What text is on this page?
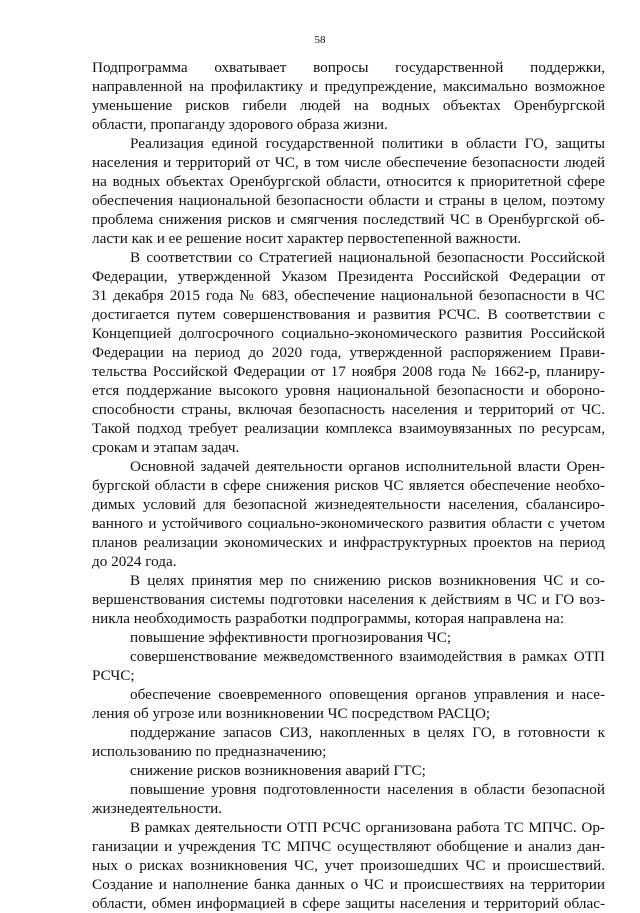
58
Подпрограмма охватывает вопросы государственной поддержки,
направленной на профилактику и предупреждение, максимально возможное
уменьшение рисков гибели людей на водных объектах Оренбургской
области, пропаганду здорового образа жизни.
Реализация единой государственной политики в области ГО, защиты
населения и территорий от ЧС, в том числе обеспечение безопасности людей
на водных объектах Оренбургской области, относится к приоритетной сфере
обеспечения национальной безопасности области и страны в целом, поэтому
проблема снижения рисков и смягчения последствий ЧС в Оренбургской об-
ласти как и ее решение носит характер первостепенной важности.
В соответствии со Стратегией национальной безопасности Российской
Федерации, утвержденной Указом Президента Российской Федерации от
31 декабря 2015 года № 683, обеспечение национальной безопасности в ЧС
достигается путем совершенствования и развития РСЧС. В соответствии с
Концепцией долгосрочного социально-экономического развития Российской
Федерации на период до 2020 года, утвержденной распоряжением Прави-
тельства Российской Федерации от 17 ноября 2008 года № 1662-р, планиру-
ется поддержание высокого уровня национальной безопасности и обороно-
способности страны, включая безопасность населения и территорий от ЧС.
Такой подход требует реализации комплекса взаимоувязанных по ресурсам,
срокам и этапам задач.
Основной задачей деятельности органов исполнительной власти Орен-
бургской области в сфере снижения рисков ЧС является обеспечение необхо-
димых условий для безопасной жизнедеятельности населения, сбалансиро-
ванного и устойчивого социально-экономического развития области с учетом
планов реализации экономических и инфраструктурных проектов на период
до 2024 года.
В целях принятия мер по снижению рисков возникновения ЧС и со-
вершенствования системы подготовки населения к действиям в ЧС и ГО воз-
никла необходимость разработки подпрограммы, которая направлена на:
повышение эффективности прогнозирования ЧС;
совершенствование межведомственного взаимодействия в рамках ОТП
РСЧС;
обеспечение своевременного оповещения органов управления и насе-
ления об угрозе или возникновении ЧС посредством РАСЦО;
поддержание запасов СИЗ, накопленных в целях ГО, в готовности к
использованию по предназначению;
снижение рисков возникновения аварий ГТС;
повышение уровня подготовленности населения в области безопасной
жизнедеятельности.
В рамках деятельности ОТП РСЧС организована работа ТС МПЧС. Ор-
ганизации и учреждения ТС МПЧС осуществляют обобщение и анализ дан-
ных о рисках возникновения ЧС, учет произошедших ЧС и происшествий.
Создание и наполнение банка данных о ЧС и происшествиях на территории
области, обмен информацией в сфере защиты населения и территорий облас-
